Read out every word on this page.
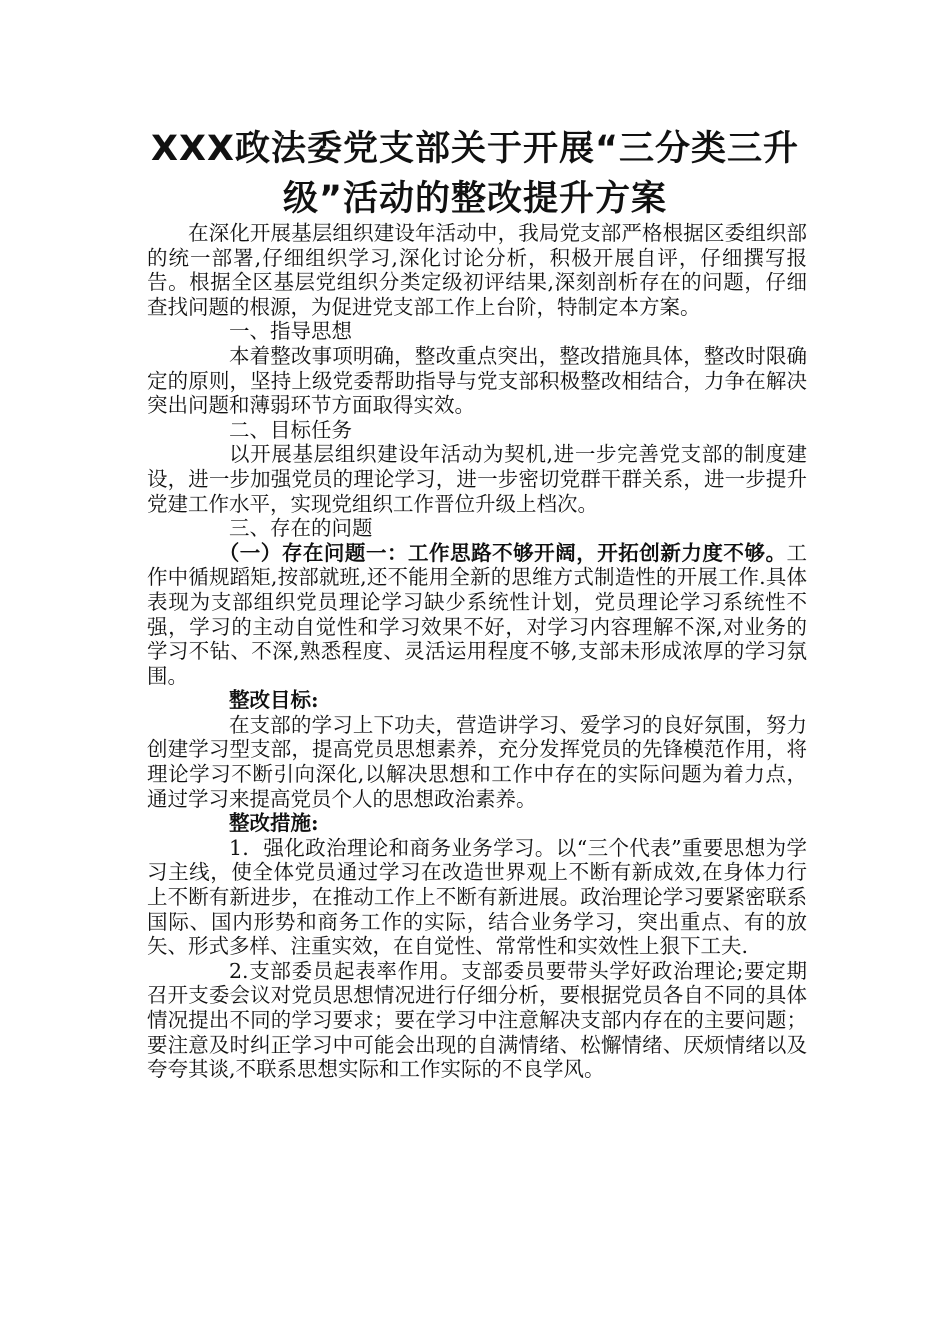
XXX政法委党支部关于开展“三分类三升级”活动的整改提升方案

在深化开展基层组织建设年活动中，我局党支部严格根据区委组织部的统一部署,仔细组织学习,深化讨论分析，积极开展自评，仔细撰写报告。根据全区基层党组织分类定级初评结果,深刻剖析存在的问题，仔细查找问题的根源，为促进党支部工作上台阶，特制定本方案。

一、指导思想

本着整改事项明确，整改重点突出，整改措施具体，整改时限确定的原则，坚持上级党委帮助指导与党支部积极整改相结合，力争在解决突出问题和薄弱环节方面取得实效。

二、目标任务

以开展基层组织建设年活动为契机,进一步完善党支部的制度建设，进一步加强党员的理论学习，进一步密切党群干群关系，进一步提升党建工作水平，实现党组织工作晋位升级上档次。

三、存在的问题

（一）存在问题一：工作思路不够开阔，开拓创新力度不够。工作中循规蹈矩,按部就班,还不能用全新的思维方式制造性的开展工作.具体表现为支部组织党员理论学习缺少系统性计划，党员理论学习系统性不强，学习的主动自觉性和学习效果不好，对学习内容理解不深,对业务的学习不钻、不深,熟悉程度、灵活运用程度不够,支部未形成浓厚的学习氛围。

整改目标:

在支部的学习上下功夫，营造讲学习、爱学习的良好氛围，努力创建学习型支部，提高党员思想素养，充分发挥党员的先锋模范作用，将理论学习不断引向深化,以解决思想和工作中存在的实际问题为着力点，通过学习来提高党员个人的思想政治素养。

整改措施:

1．强化政治理论和商务业务学习。以“三个代表”重要思想为学习主线，使全体党员通过学习在改造世界观上不断有新成效,在身体力行上不断有新进步，在推动工作上不断有新进展。政治理论学习要紧密联系国际、国内形势和商务工作的实际，结合业务学习，突出重点、有的放矢、形式多样、注重实效，在自觉性、常常性和实效性上狠下工夫.

2.支部委员起表率作用。支部委员要带头学好政治理论;要定期召开支委会议对党员思想情况进行仔细分析，要根据党员各自不同的具体情况提出不同的学习要求；要在学习中注意解决支部内存在的主要问题；要注意及时纠正学习中可能会出现的自满情绪、松懈情绪、厌烦情绪以及夸夸其谈,不联系思想实际和工作实际的不良学风。
